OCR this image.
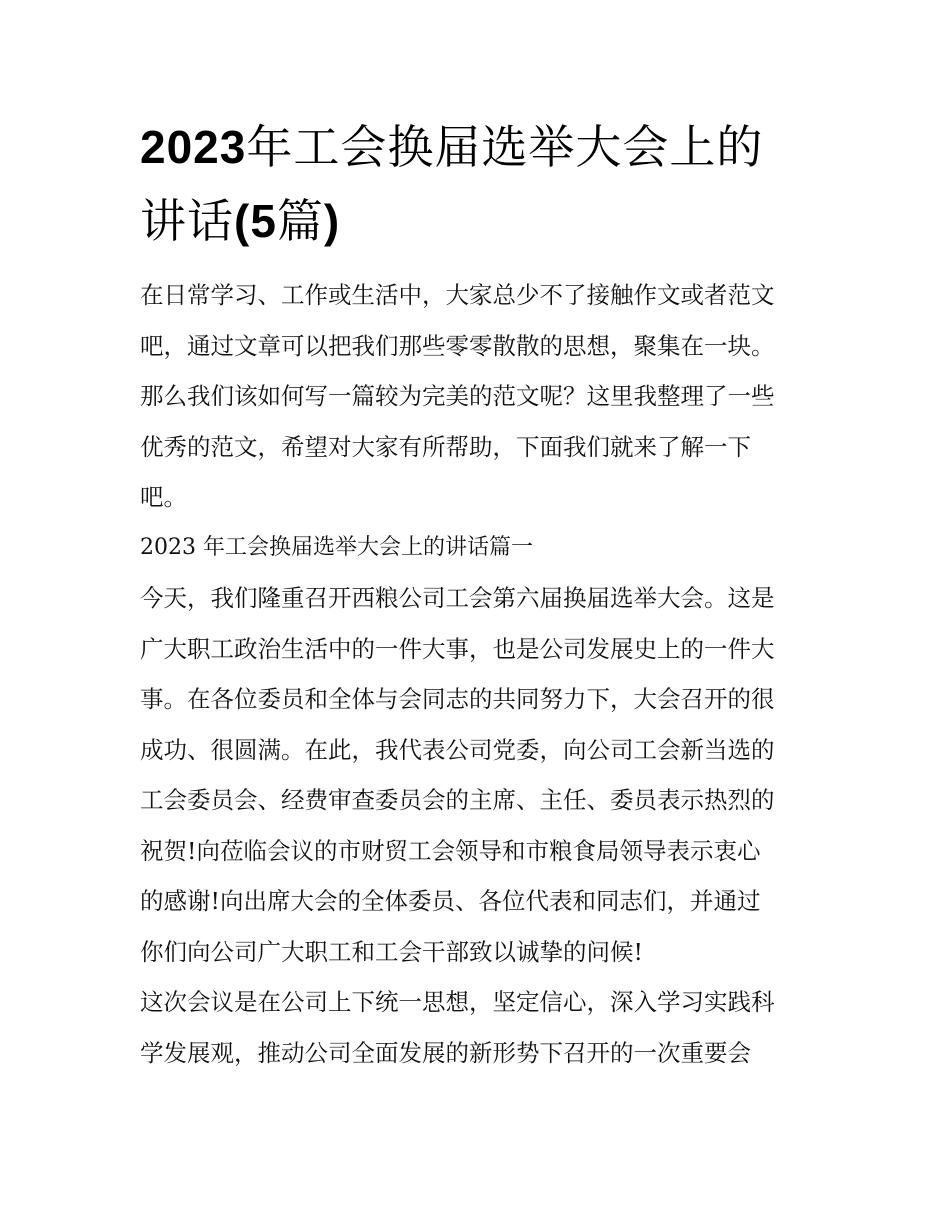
2023年工会换届选举大会上的
讲话(5篇)

在日常学习、工作或生活中，大家总少不了接触作文或者范文
吧，通过文章可以把我们那些零零散散的思想，聚集在一块。
那么我们该如何写一篇较为完美的范文呢？这里我整理了一些
优秀的范文，希望对大家有所帮助，下面我们就来了解一下
吧。

2023 年工会换届选举大会上的讲话篇一

今天，我们隆重召开西粮公司工会第六届换届选举大会。这是
广大职工政治生活中的一件大事，也是公司发展史上的一件大
事。在各位委员和全体与会同志的共同努力下，大会召开的很
成功、很圆满。在此，我代表公司党委，向公司工会新当选的
工会委员会、经费审查委员会的主席、主任、委员表示热烈的
祝贺!向莅临会议的市财贸工会领导和市粮食局领导表示衷心
的感谢!向出席大会的全体委员、各位代表和同志们，并通过
你们向公司广大职工和工会干部致以诚挚的问候!

这次会议是在公司上下统一思想，坚定信心，深入学习实践科
学发展观，推动公司全面发展的新形势下召开的一次重要会
